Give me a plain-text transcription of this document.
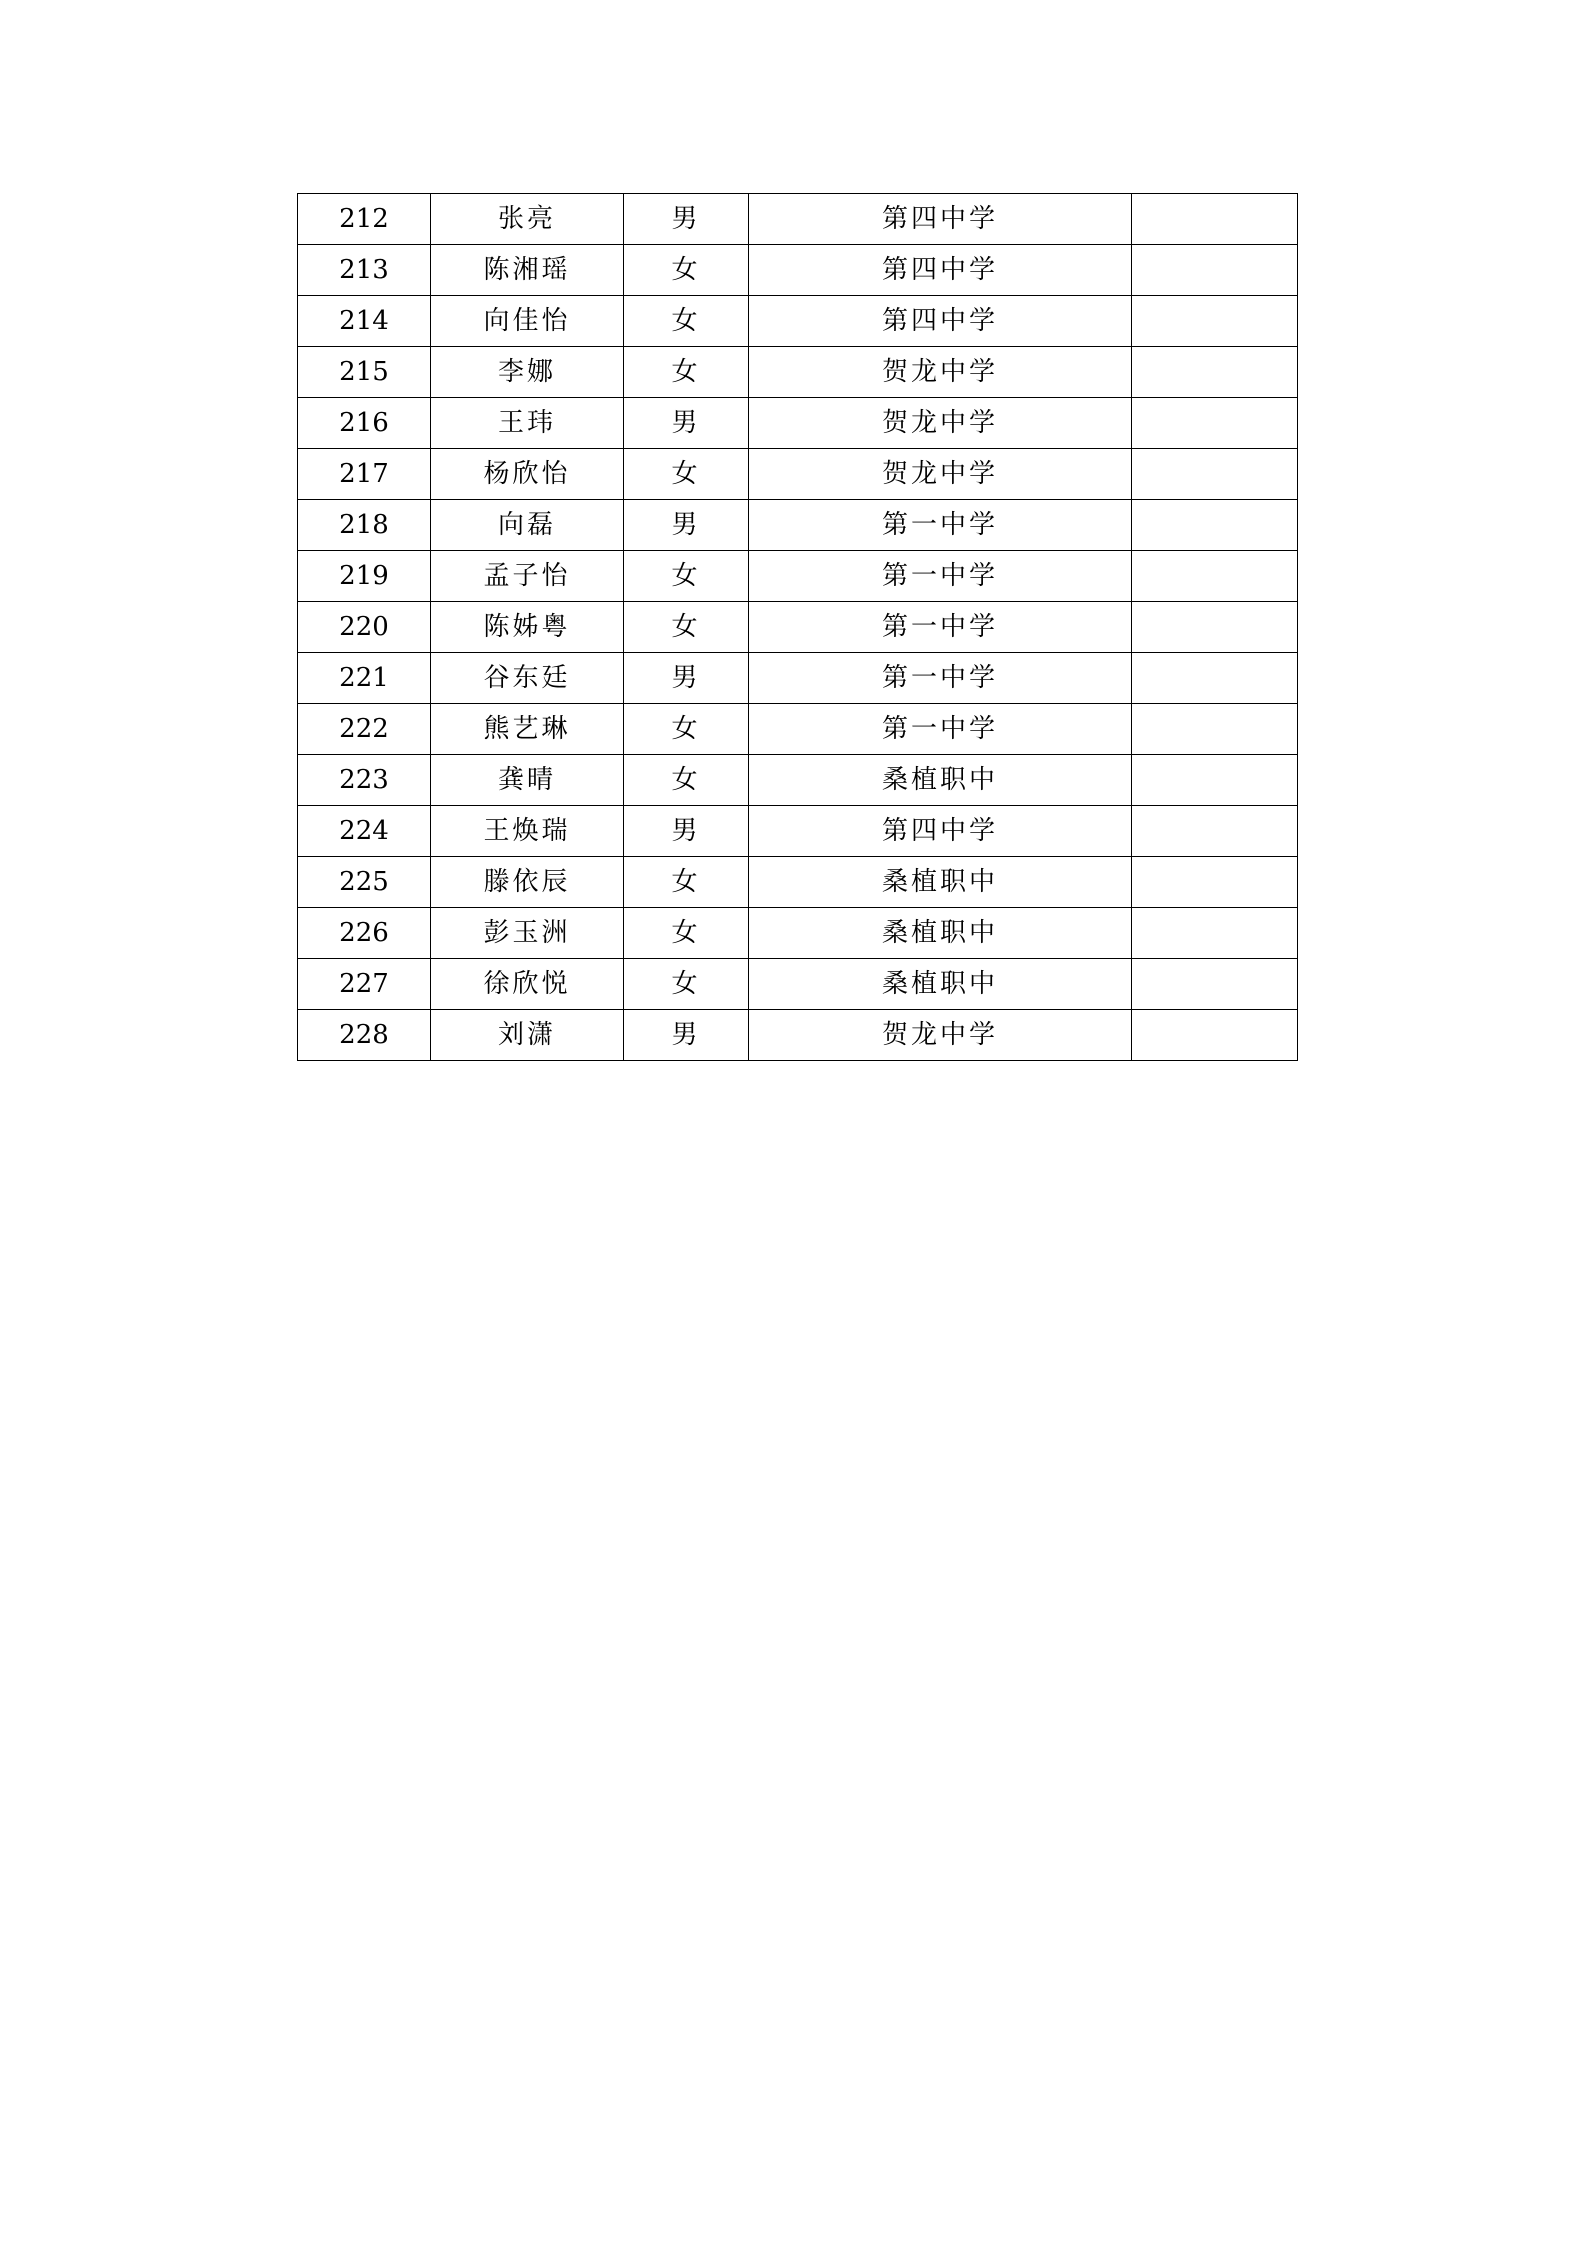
212	张亮	男	第四中学	
213	陈湘瑶	女	第四中学	
214	向佳怡	女	第四中学	
215	李娜	女	贺龙中学	
216	王玮	男	贺龙中学	
217	杨欣怡	女	贺龙中学	
218	向磊	男	第一中学	
219	孟子怡	女	第一中学	
220	陈姊粤	女	第一中学	
221	谷东廷	男	第一中学	
222	熊艺琳	女	第一中学	
223	龚晴	女	桑植职中	
224	王焕瑞	男	第四中学	
225	滕依辰	女	桑植职中	
226	彭玉洲	女	桑植职中	
227	徐欣悦	女	桑植职中	
228	刘潇	男	贺龙中学	
